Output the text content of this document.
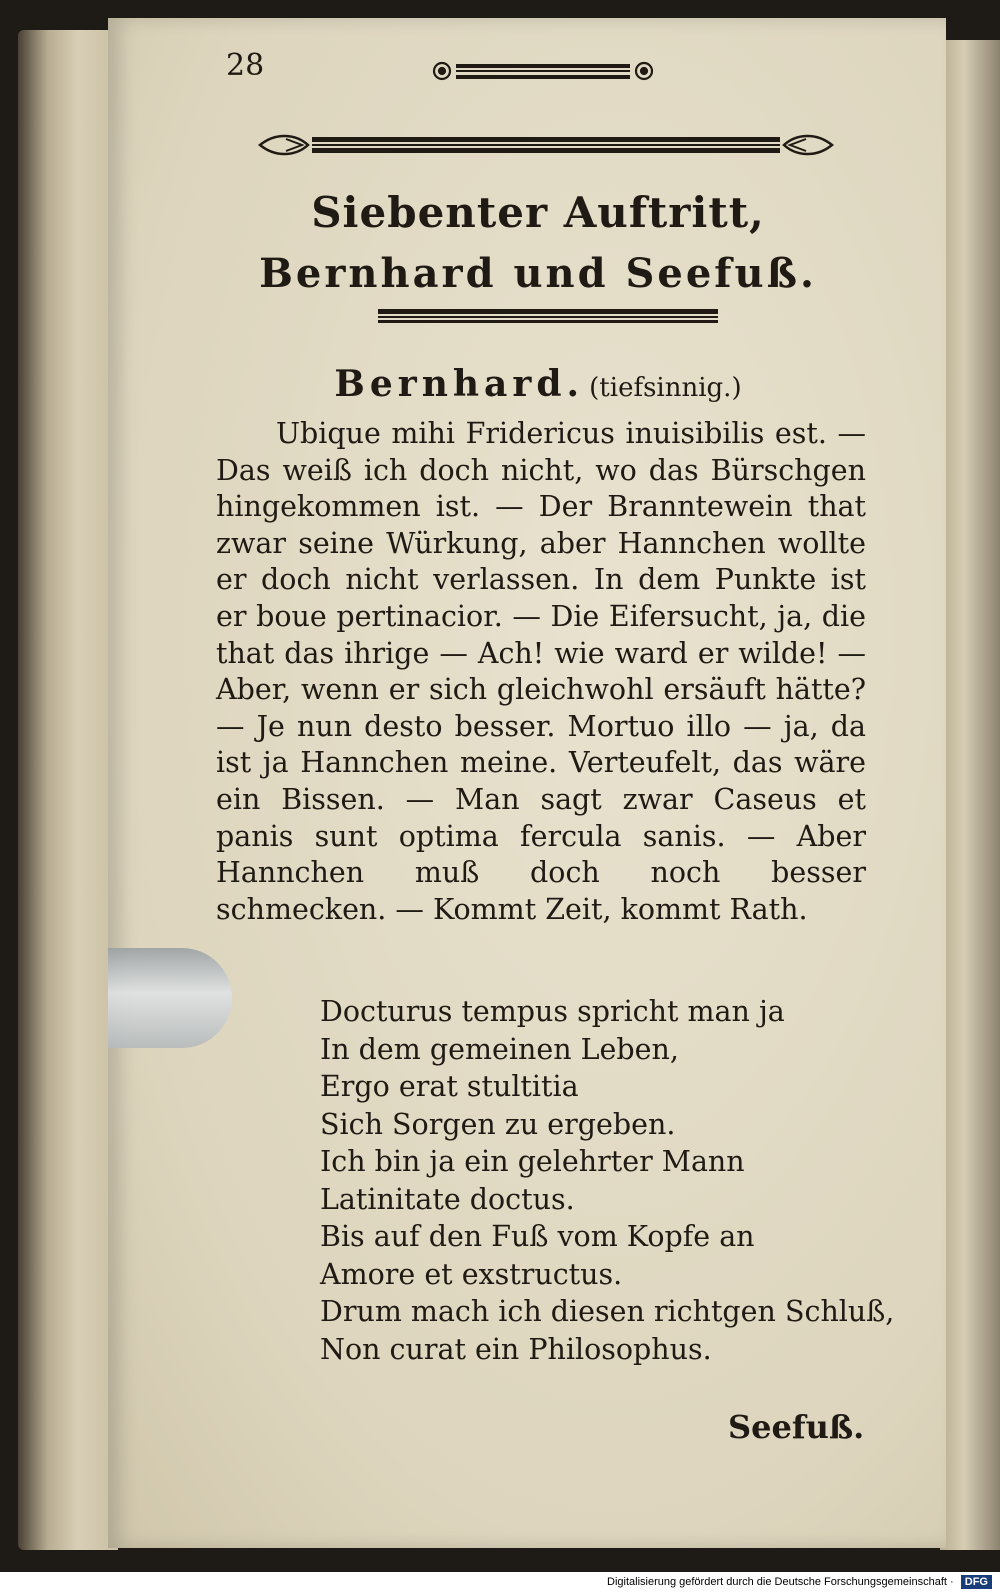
28
Siebenter Auftritt,
Bernhard und Seefuß.
Bernhard. (tiefsinnig.)

Ubique mihi Fridericus inuisibilis est. — Das weiß ich doch nicht, wo das Bürschgen hingekommen ist. — Der Branntewein that zwar seine Würkung, aber Hannchen wollte er doch nicht verlassen. In dem Punkte ist er boue pertinacior. — Die Eifersucht, ja, die that das ihrige — Ach! wie ward er wilde! — Aber, wenn er sich gleichwohl ersäuft hätte? — Je nun desto besser. Mortuo illo — ja, da ist ja Hannchen meine. Verteufelt, das wäre ein Bissen. — Man sagt zwar Caseus et panis sunt optima fercula sanis. — Aber Hannchen muß doch noch besser schmecken. — Kommt Zeit, kommt Rath.

Docturus tempus spricht man ja
In dem gemeinen Leben,
Ergo erat stultitia
Sich Sorgen zu ergeben.
Ich bin ja ein gelehrter Mann
Latinitate doctus.
Bis auf den Fuß vom Kopfe an
Amore et exstructus.
Drum mach ich diesen richtgen Schluß,
Non curat ein Philosophus.
Seefuß.
Digitalisierung gefördert durch die Deutsche Forschungsgemeinschaft · DFG
